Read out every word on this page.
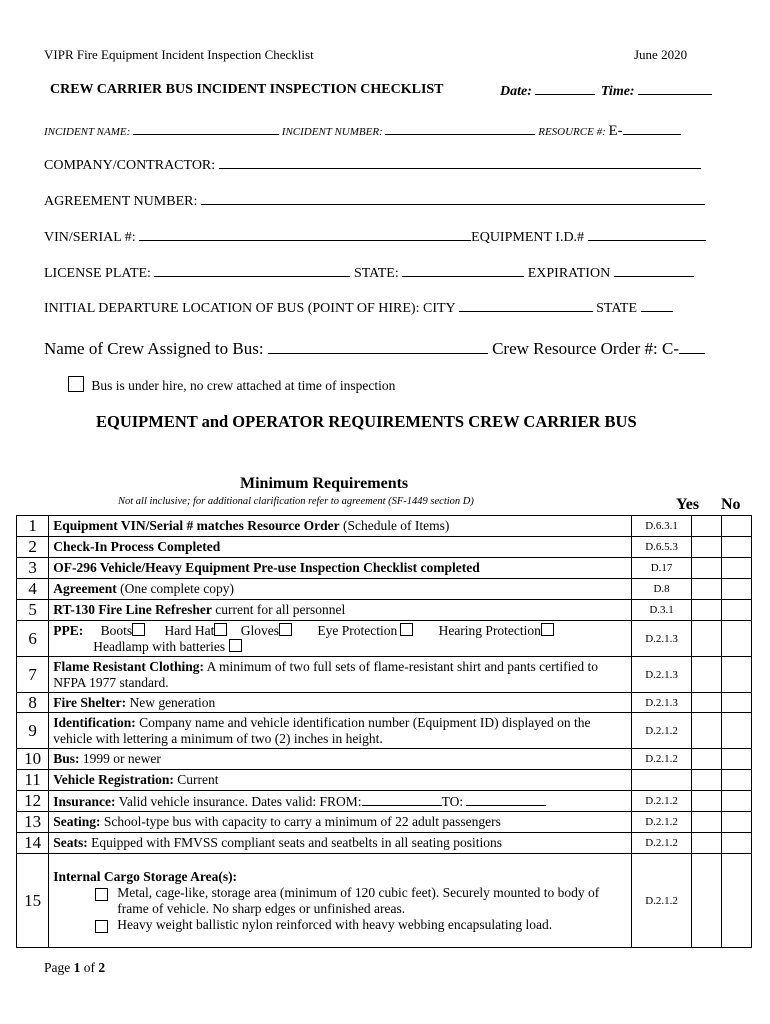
VIPR Fire Equipment Incident Inspection Checklist	June 2020
CREW CARRIER BUS INCIDENT INSPECTION CHECKLIST	Date:	Time:
INCIDENT NAME:	INCIDENT NUMBER:	RESOURCE #: E-
COMPANY/CONTRACTOR:
AGREEMENT NUMBER:
VIN/SERIAL #:	EQUIPMENT I.D.#
LICENSE PLATE:	STATE:	EXPIRATION
INITIAL DEPARTURE LOCATION OF BUS (POINT OF HIRE): CITY	STATE
Name of Crew Assigned to Bus:	Crew Resource Order #: C-
Bus is under hire, no crew attached at time of inspection
EQUIPMENT and OPERATOR REQUIREMENTS CREW CARRIER BUS
Minimum Requirements
Not all inclusive; for additional clarification refer to agreement (SF-1449 section D)	Yes No
1	Equipment VIN/Serial # matches Resource Order (Schedule of Items)	D.6.3.1		
2	Check-In Process Completed	D.6.5.3		
3	OF-296 Vehicle/Heavy Equipment Pre-use Inspection Checklist completed	D.17		
4	Agreement (One complete copy)	D.8		
5	RT-130 Fire Line Refresher current for all personnel	D.3.1		
6	PPE: Boots Hard Hat Gloves Eye Protection Hearing Protection
Headlamp with batteries	D.2.1.3		
7	Flame Resistant Clothing: A minimum of two full sets of flame-resistant shirt and pants certified to NFPA 1977 standard.	D.2.1.3		
8	Fire Shelter: New generation	D.2.1.3		
9	Identification: Company name and vehicle identification number (Equipment ID) displayed on the vehicle with lettering a minimum of two (2) inches in height.	D.2.1.2		
10	Bus: 1999 or newer	D.2.1.2		
11	Vehicle Registration: Current			
12	Insurance: Valid vehicle insurance. Dates valid: FROM: TO:	D.2.1.2		
13	Seating: School-type bus with capacity to carry a minimum of 22 adult passengers	D.2.1.2		
14	Seats: Equipped with FMVSS compliant seats and seatbelts in all seating positions	D.2.1.2		
15	Internal Cargo Storage Area(s):
Metal, cage-like, storage area (minimum of 120 cubic feet). Securely mounted to body of frame of vehicle. No sharp edges or unfinished areas.
Heavy weight ballistic nylon reinforced with heavy webbing encapsulating load.	D.2.1.2		
Page 1 of 2
